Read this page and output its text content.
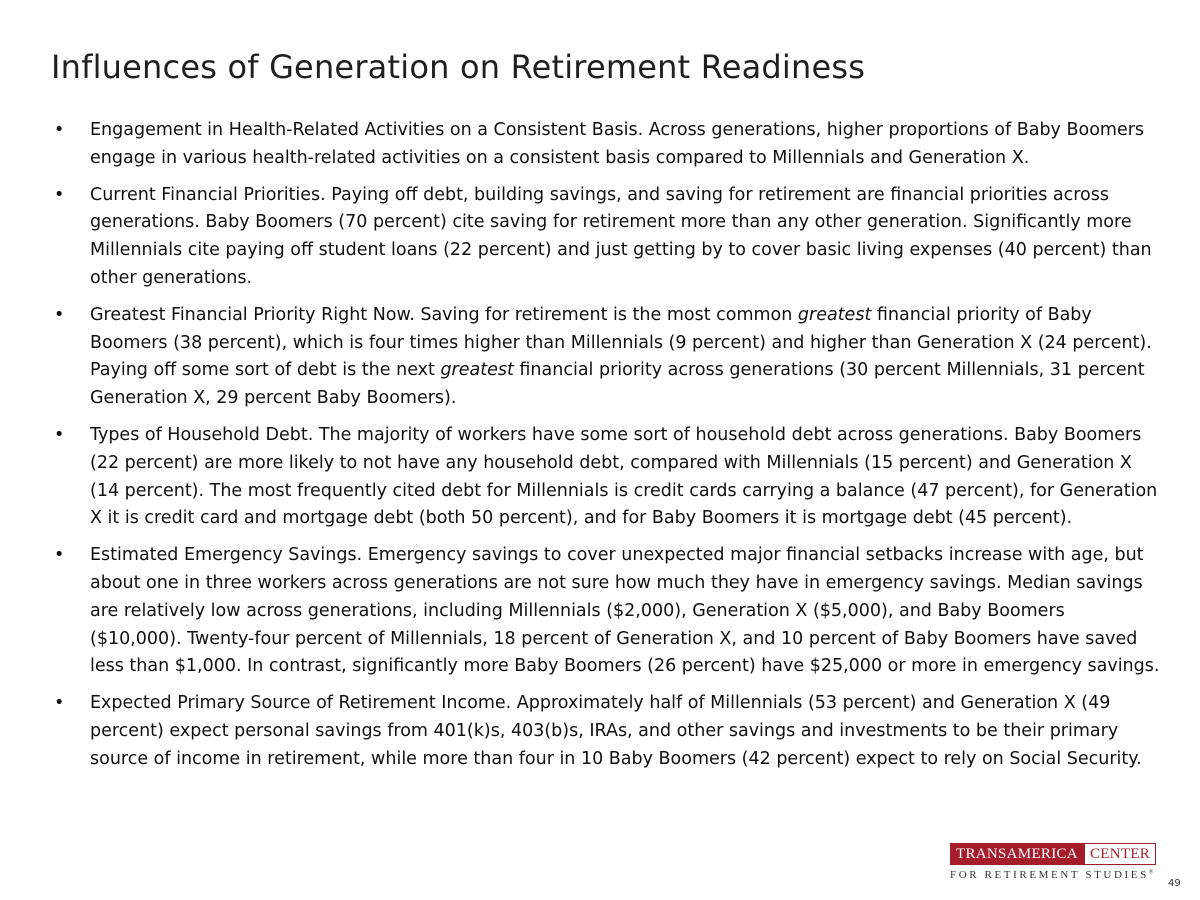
Influences of Generation on Retirement Readiness
• Engagement in Health-Related Activities on a Consistent Basis. Across generations, higher proportions of Baby Boomers engage in various health-related activities on a consistent basis compared to Millennials and Generation X.
• Current Financial Priorities. Paying off debt, building savings, and saving for retirement are financial priorities across generations. Baby Boomers (70 percent) cite saving for retirement more than any other generation. Significantly more Millennials cite paying off student loans (22 percent) and just getting by to cover basic living expenses (40 percent) than other generations.
• Greatest Financial Priority Right Now. Saving for retirement is the most common greatest financial priority of Baby Boomers (38 percent), which is four times higher than Millennials (9 percent) and higher than Generation X (24 percent). Paying off some sort of debt is the next greatest financial priority across generations (30 percent Millennials, 31 percent Generation X, 29 percent Baby Boomers).
• Types of Household Debt. The majority of workers have some sort of household debt across generations. Baby Boomers (22 percent) are more likely to not have any household debt, compared with Millennials (15 percent) and Generation X (14 percent). The most frequently cited debt for Millennials is credit cards carrying a balance (47 percent), for Generation X it is credit card and mortgage debt (both 50 percent), and for Baby Boomers it is mortgage debt (45 percent).
• Estimated Emergency Savings. Emergency savings to cover unexpected major financial setbacks increase with age, but about one in three workers across generations are not sure how much they have in emergency savings. Median savings are relatively low across generations, including Millennials ($2,000), Generation X ($5,000), and Baby Boomers ($10,000). Twenty-four percent of Millennials, 18 percent of Generation X, and 10 percent of Baby Boomers have saved less than $1,000. In contrast, significantly more Baby Boomers (26 percent) have $25,000 or more in emergency savings.
• Expected Primary Source of Retirement Income. Approximately half of Millennials (53 percent) and Generation X (49 percent) expect personal savings from 401(k)s, 403(b)s, IRAs, and other savings and investments to be their primary source of income in retirement, while more than four in 10 Baby Boomers (42 percent) expect to rely on Social Security.
TRANSAMERICA CENTER
FOR RETIREMENT STUDIES®
49
